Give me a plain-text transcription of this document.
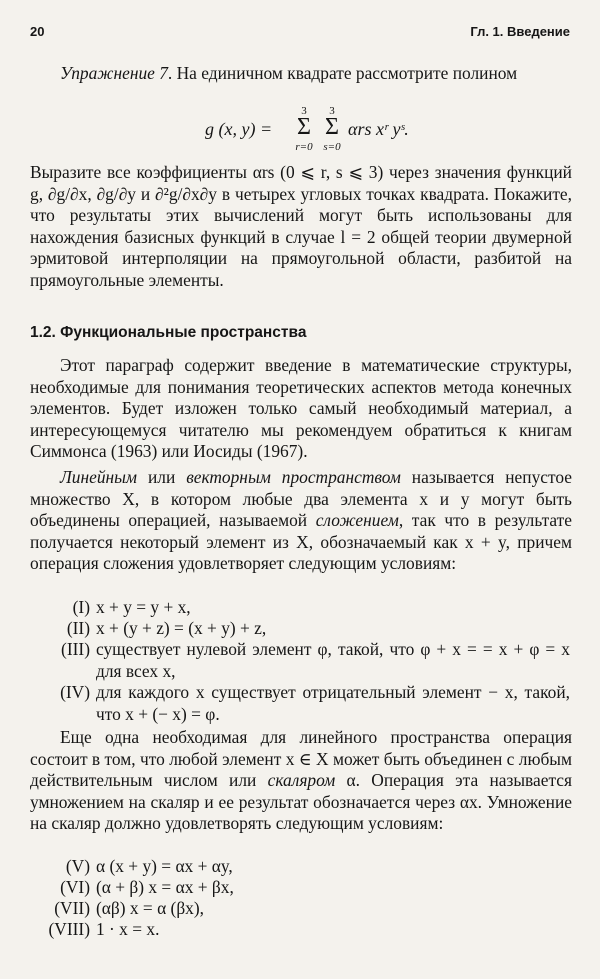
20	Гл. 1. Введение

Упражнение 7. На единичном квадрате рассмотрите полином

g (x, y) =
3
Σ
r=0
3
Σ
s=0
α‏rs xʳ yˢ.

Выразите все коэффициенты αrs (0 ⩽ r, s ⩽ 3) через значения функций g, ∂g/∂x, ∂g/∂y и ∂²g/∂x∂y в четырех угловых точках квадрата. Покажите, что результаты этих вычислений могут быть использованы для нахождения базисных функций в случае l = 2 общей теории двумерной эрмитовой интерполяции на прямоугольной области, разбитой на прямоугольные элементы.

1.2. Функциональные пространства

Этот параграф содержит введение в математические структуры, необходимые для понимания теоретических аспектов метода конечных элементов. Будет изложен только самый необходимый материал, а интересующемуся читателю мы рекомендуем обратиться к книгам Симмонса (1963) или Иосиды (1967).

Линейным или векторным пространством называется непустое множество X, в котором любые два элемента x и y могут быть объединены операцией, называемой сложением, так что в результате получается некоторый элемент из X, обозначаемый как x + y, причем операция сложения удовлетворяет следующим условиям:

(I) x + y = y + x,
(II) x + (y + z) = (x + y) + z,
(III) существует нулевой элемент φ, такой, что φ + x = = x + φ = x для всех x,
(IV) для каждого x существует отрицательный элемент − x, такой, что x + (− x) = φ.

Еще одна необходимая для линейного пространства операция состоит в том, что любой элемент x ∈ X может быть объединен с любым действительным числом или скаляром α. Операция эта называется умножением на скаляр и ее результат обозначается через αx. Умножение на скаляр должно удовлетворять следующим условиям:

(V) α (x + y) = αx + αy,
(VI) (α + β) x = αx + βx,
(VII) (αβ) x = α (βx),
(VIII) 1 · x = x.
